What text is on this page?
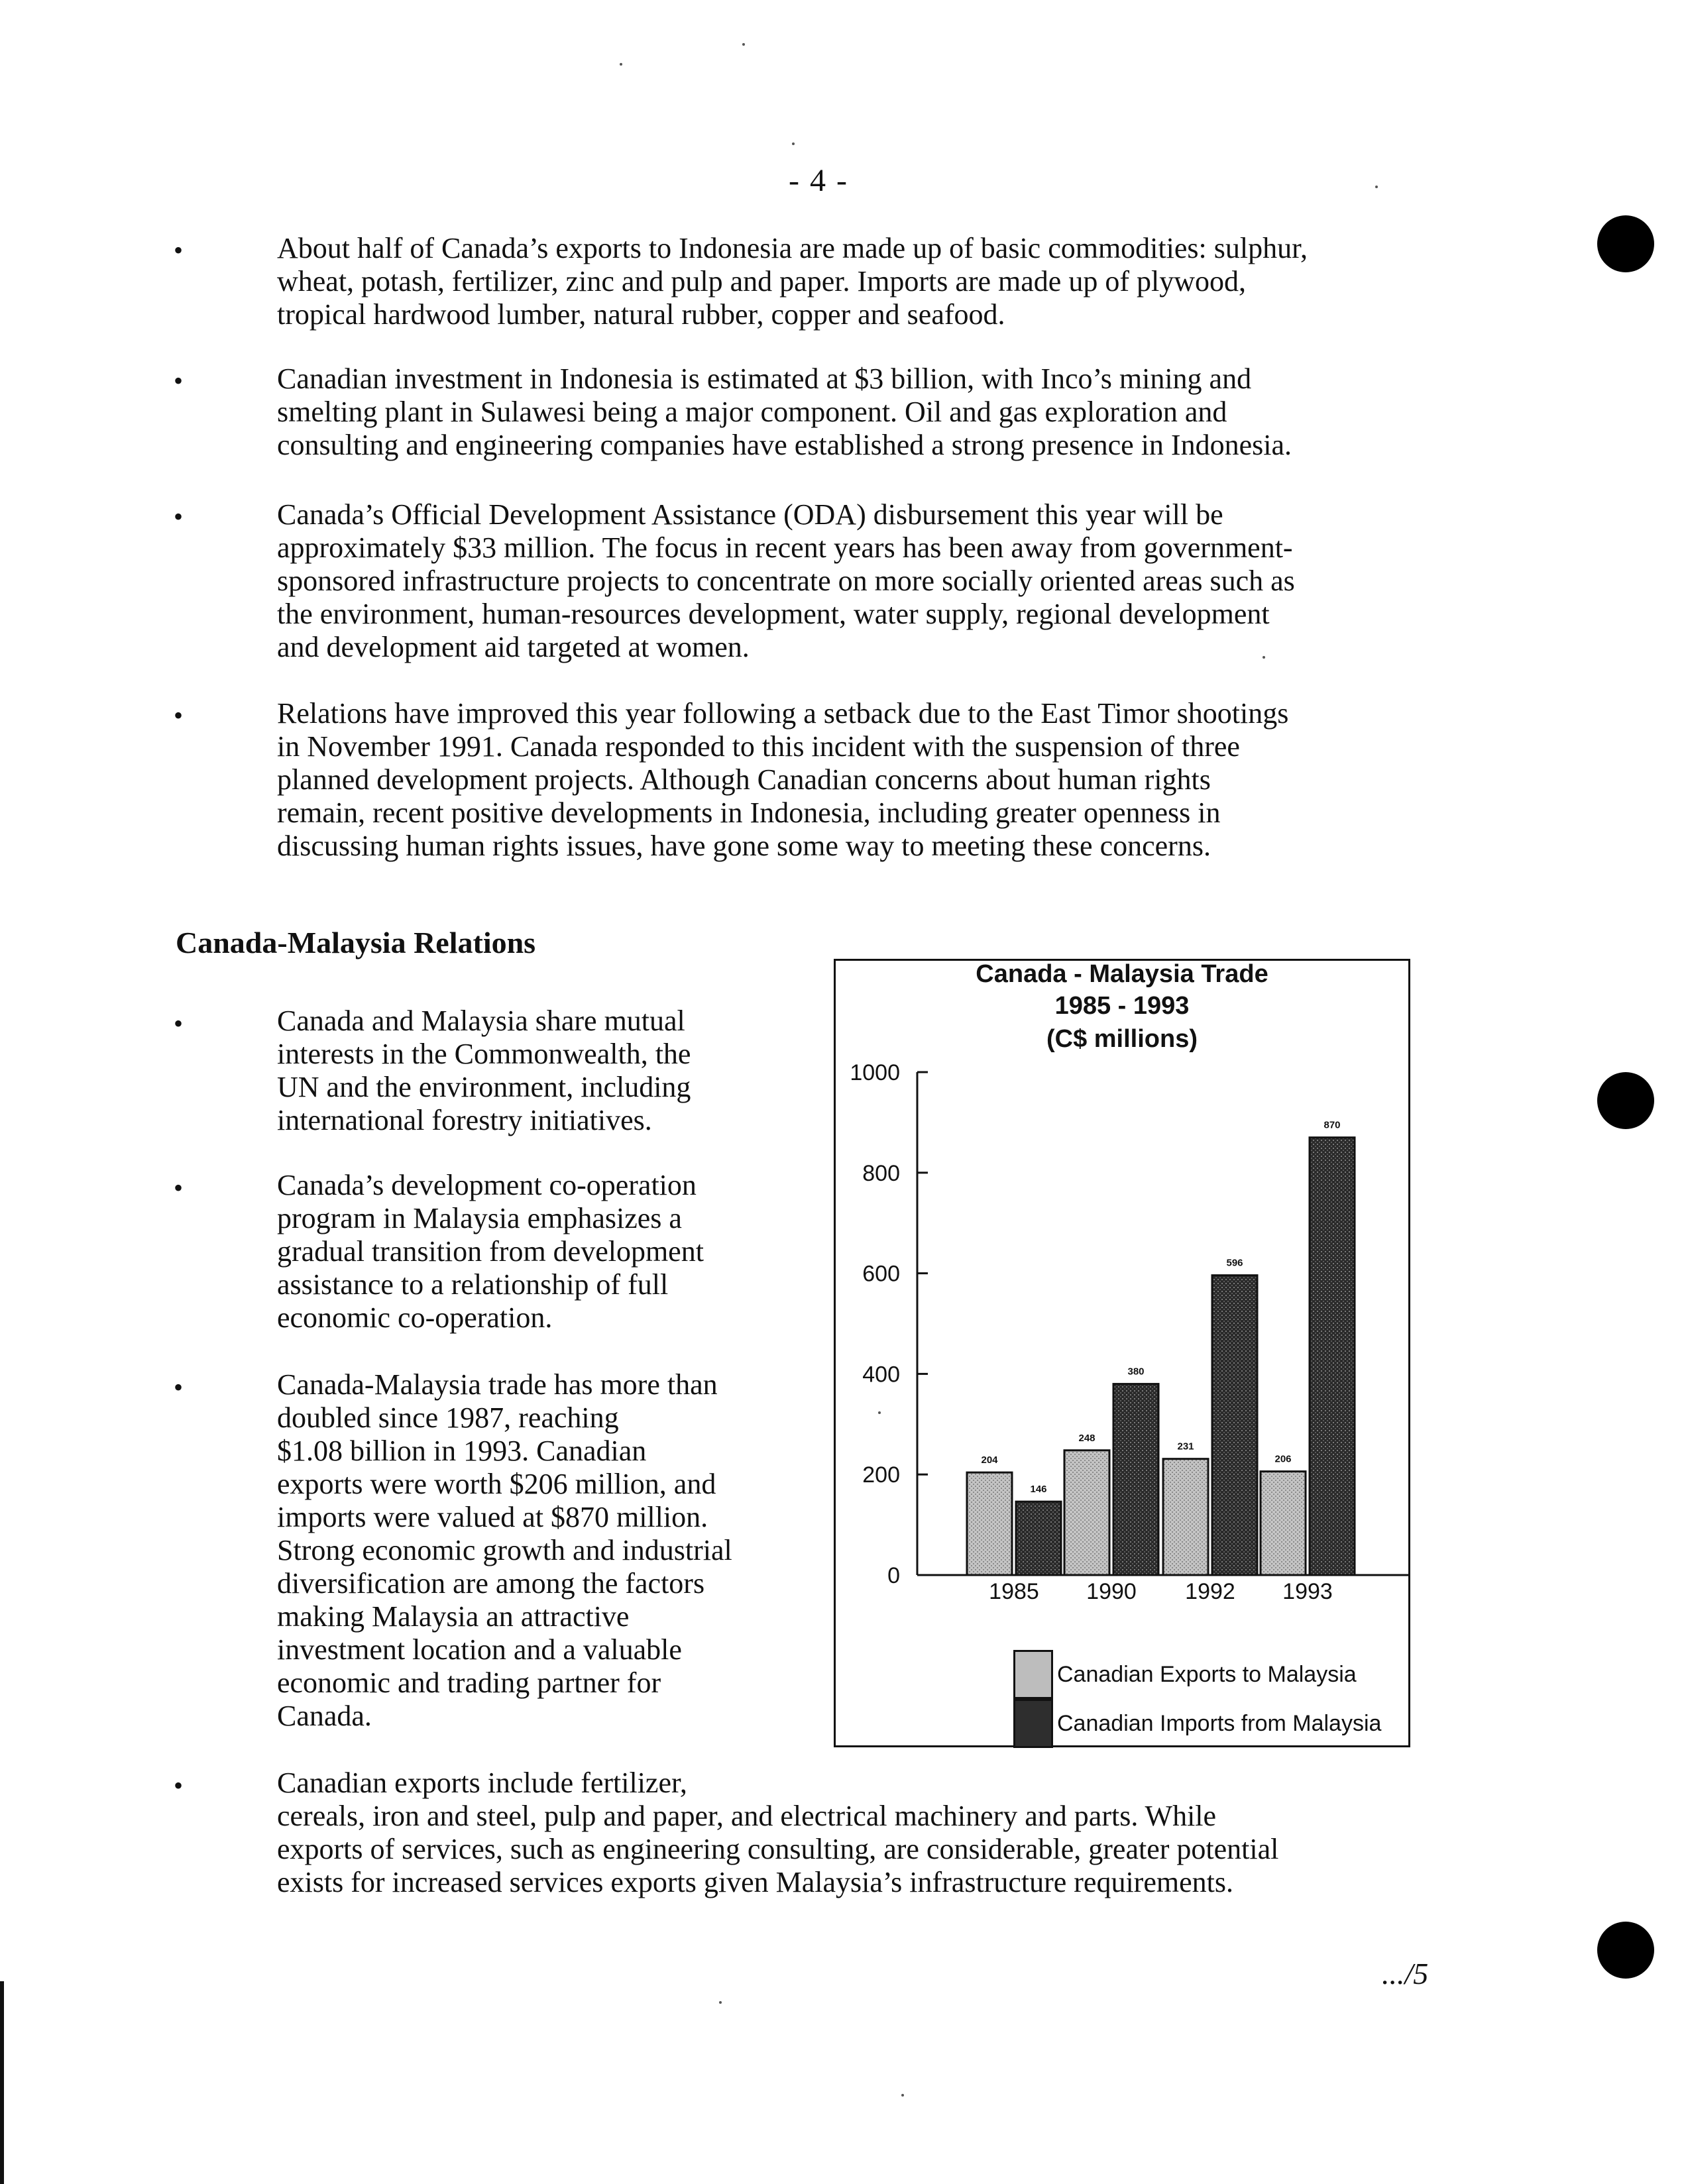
- 4 -
•	About half of Canada’s exports to Indonesia are made up of basic commodities: sulphur,
wheat, potash, fertilizer, zinc and pulp and paper. Imports are made up of plywood,
tropical hardwood lumber, natural rubber, copper and seafood.

•	Canadian investment in Indonesia is estimated at $3 billion, with Inco’s mining and
smelting plant in Sulawesi being a major component. Oil and gas exploration and
consulting and engineering companies have established a strong presence in Indonesia.

•	Canada’s Official Development Assistance (ODA) disbursement this year will be
approximately $33 million. The focus in recent years has been away from government-
sponsored infrastructure projects to concentrate on more socially oriented areas such as
the environment, human-resources development, water supply, regional development
and development aid targeted at women.

•	Relations have improved this year following a setback due to the East Timor shootings
in November 1991. Canada responded to this incident with the suspension of three
planned development projects. Although Canadian concerns about human rights
remain, recent positive developments in Indonesia, including greater openness in
discussing human rights issues, have gone some way to meeting these concerns.

Canada-Malaysia Relations
•	Canada and Malaysia share mutual
interests in the Commonwealth, the
UN and the environment, including
international forestry initiatives.

•	Canada’s development co-operation
program in Malaysia emphasizes a
gradual transition from development
assistance to a relationship of full
economic co-operation.

•	Canada-Malaysia trade has more than
doubled since 1987, reaching
$1.08 billion in 1993. Canadian
exports were worth $206 million, and
imports were valued at $870 million.
Strong economic growth and industrial
diversification are among the factors
making Malaysia an attractive
investment location and a valuable
economic and trading partner for
Canada.

•	Canadian exports include fertilizer,
cereals, iron and steel, pulp and paper, and electrical machinery and parts. While
exports of services, such as engineering consulting, are considerable, greater potential
exists for increased services exports given Malaysia’s infrastructure requirements.

Canada - Malaysia Trade
1985 - 1993
(C$ millions)
0
200
400
600
800
1000
204
146
1985
248
380
1990
231
596
1992
206
870
1993
Canadian Exports to Malaysia
Canadian Imports from Malaysia
.../5
